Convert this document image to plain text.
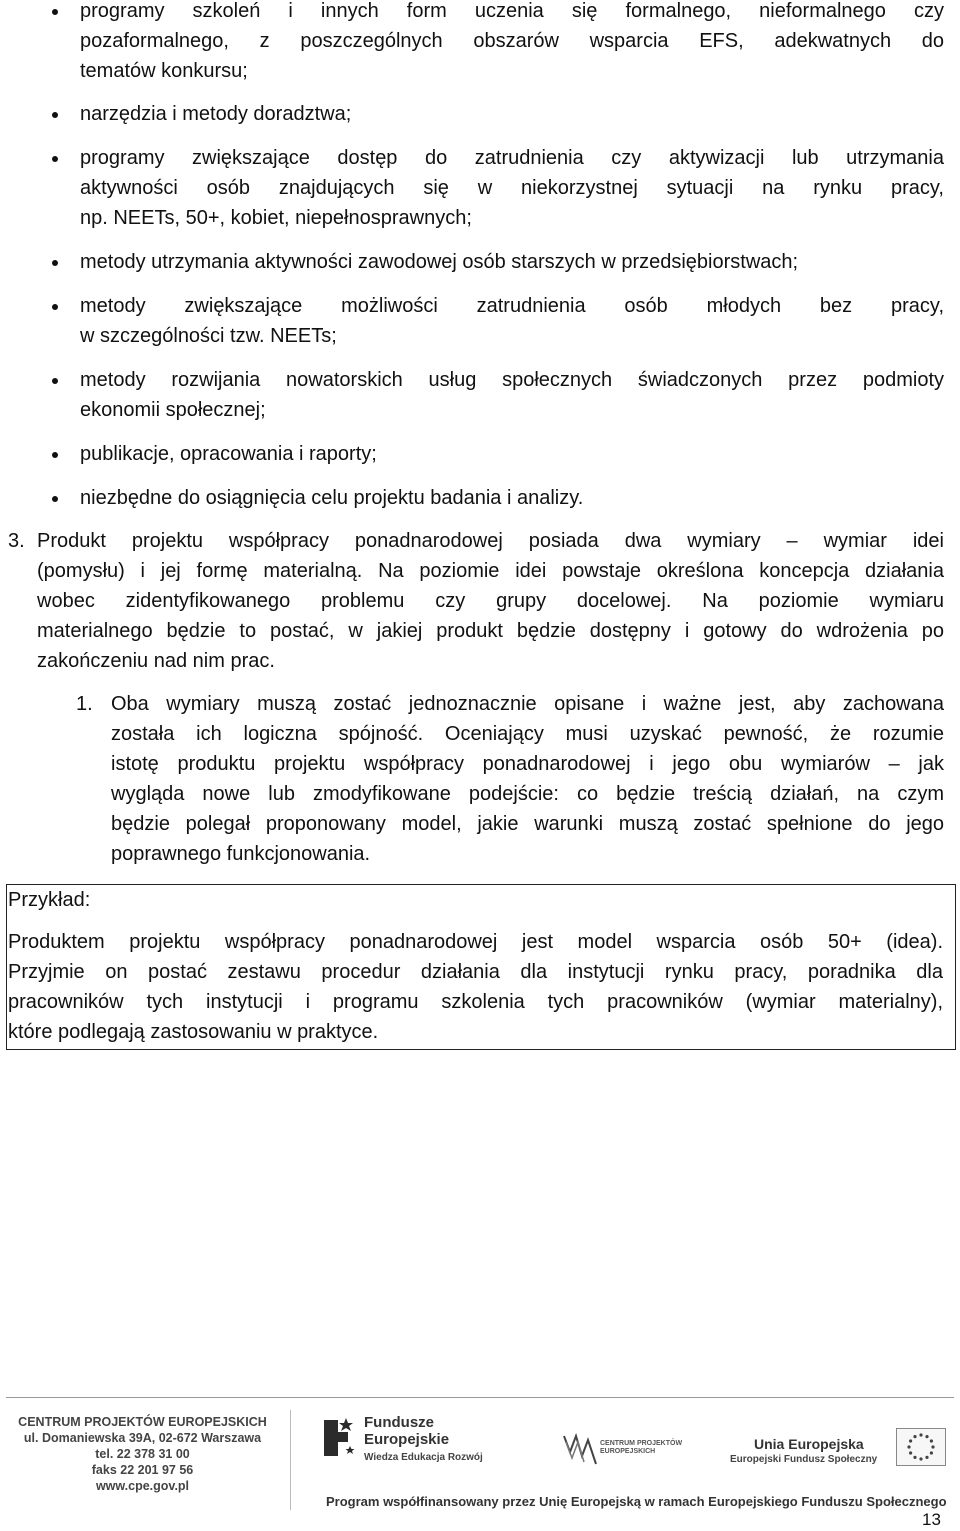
programy szkoleń i innych form uczenia się formalnego, nieformalnego czy
pozaformalnego, z poszczególnych obszarów wsparcia EFS, adekwatnych do
tematów konkursu;
narzędzia i metody doradztwa;
programy zwiększające dostęp do zatrudnienia czy aktywizacji lub utrzymania
aktywności osób znajdujących się w niekorzystnej sytuacji na rynku pracy,
np. NEETs, 50+, kobiet, niepełnosprawnych;
metody utrzymania aktywności zawodowej osób starszych w przedsiębiorstwach;
metody zwiększające możliwości zatrudnienia osób młodych bez pracy,
w szczególności tzw. NEETs;
metody rozwijania nowatorskich usług społecznych świadczonych przez podmioty
ekonomii społecznej;
publikacje, opracowania i raporty;
niezbędne do osiągnięcia celu projektu badania i analizy.
3. Produkt projektu współpracy ponadnarodowej posiada dwa wymiary – wymiar idei
(pomysłu) i jej formę materialną. Na poziomie idei powstaje określona koncepcja działania
wobec zidentyfikowanego problemu czy grupy docelowej. Na poziomie wymiaru
materialnego będzie to postać, w jakiej produkt będzie dostępny i gotowy do wdrożenia po
zakończeniu nad nim prac.
1. Oba wymiary muszą zostać jednoznacznie opisane i ważne jest, aby zachowana
została ich logiczna spójność. Oceniający musi uzyskać pewność, że rozumie
istotę produktu projektu współpracy ponadnarodowej i jego obu wymiarów – jak
wygląda nowe lub zmodyfikowane podejście: co będzie treścią działań, na czym
będzie polegał proponowany model, jakie warunki muszą zostać spełnione do jego
poprawnego funkcjonowania.
Przykład:
Produktem projektu współpracy ponadnarodowej jest model wsparcia osób 50+ (idea).
Przyjmie on postać zestawu procedur działania dla instytucji rynku pracy, poradnika dla
pracowników tych instytucji i programu szkolenia tych pracowników (wymiar materialny),
które podlegają zastosowaniu w praktyce.
CENTRUM PROJEKTÓW EUROPEJSKICH
ul. Domaniewska 39A, 02-672 Warszawa
tel. 22 378 31 00
faks 22 201 97 56
www.cpe.gov.pl
Fundusze
Europejskie
Wiedza Edukacja Rozwój
CENTRUM PROJEKTÓW
EUROPEJSKICH	Unia Europejska
Europejski Fundusz Społeczny
Program współfinansowany przez Unię Europejską w ramach Europejskiego Funduszu Społecznego
13
